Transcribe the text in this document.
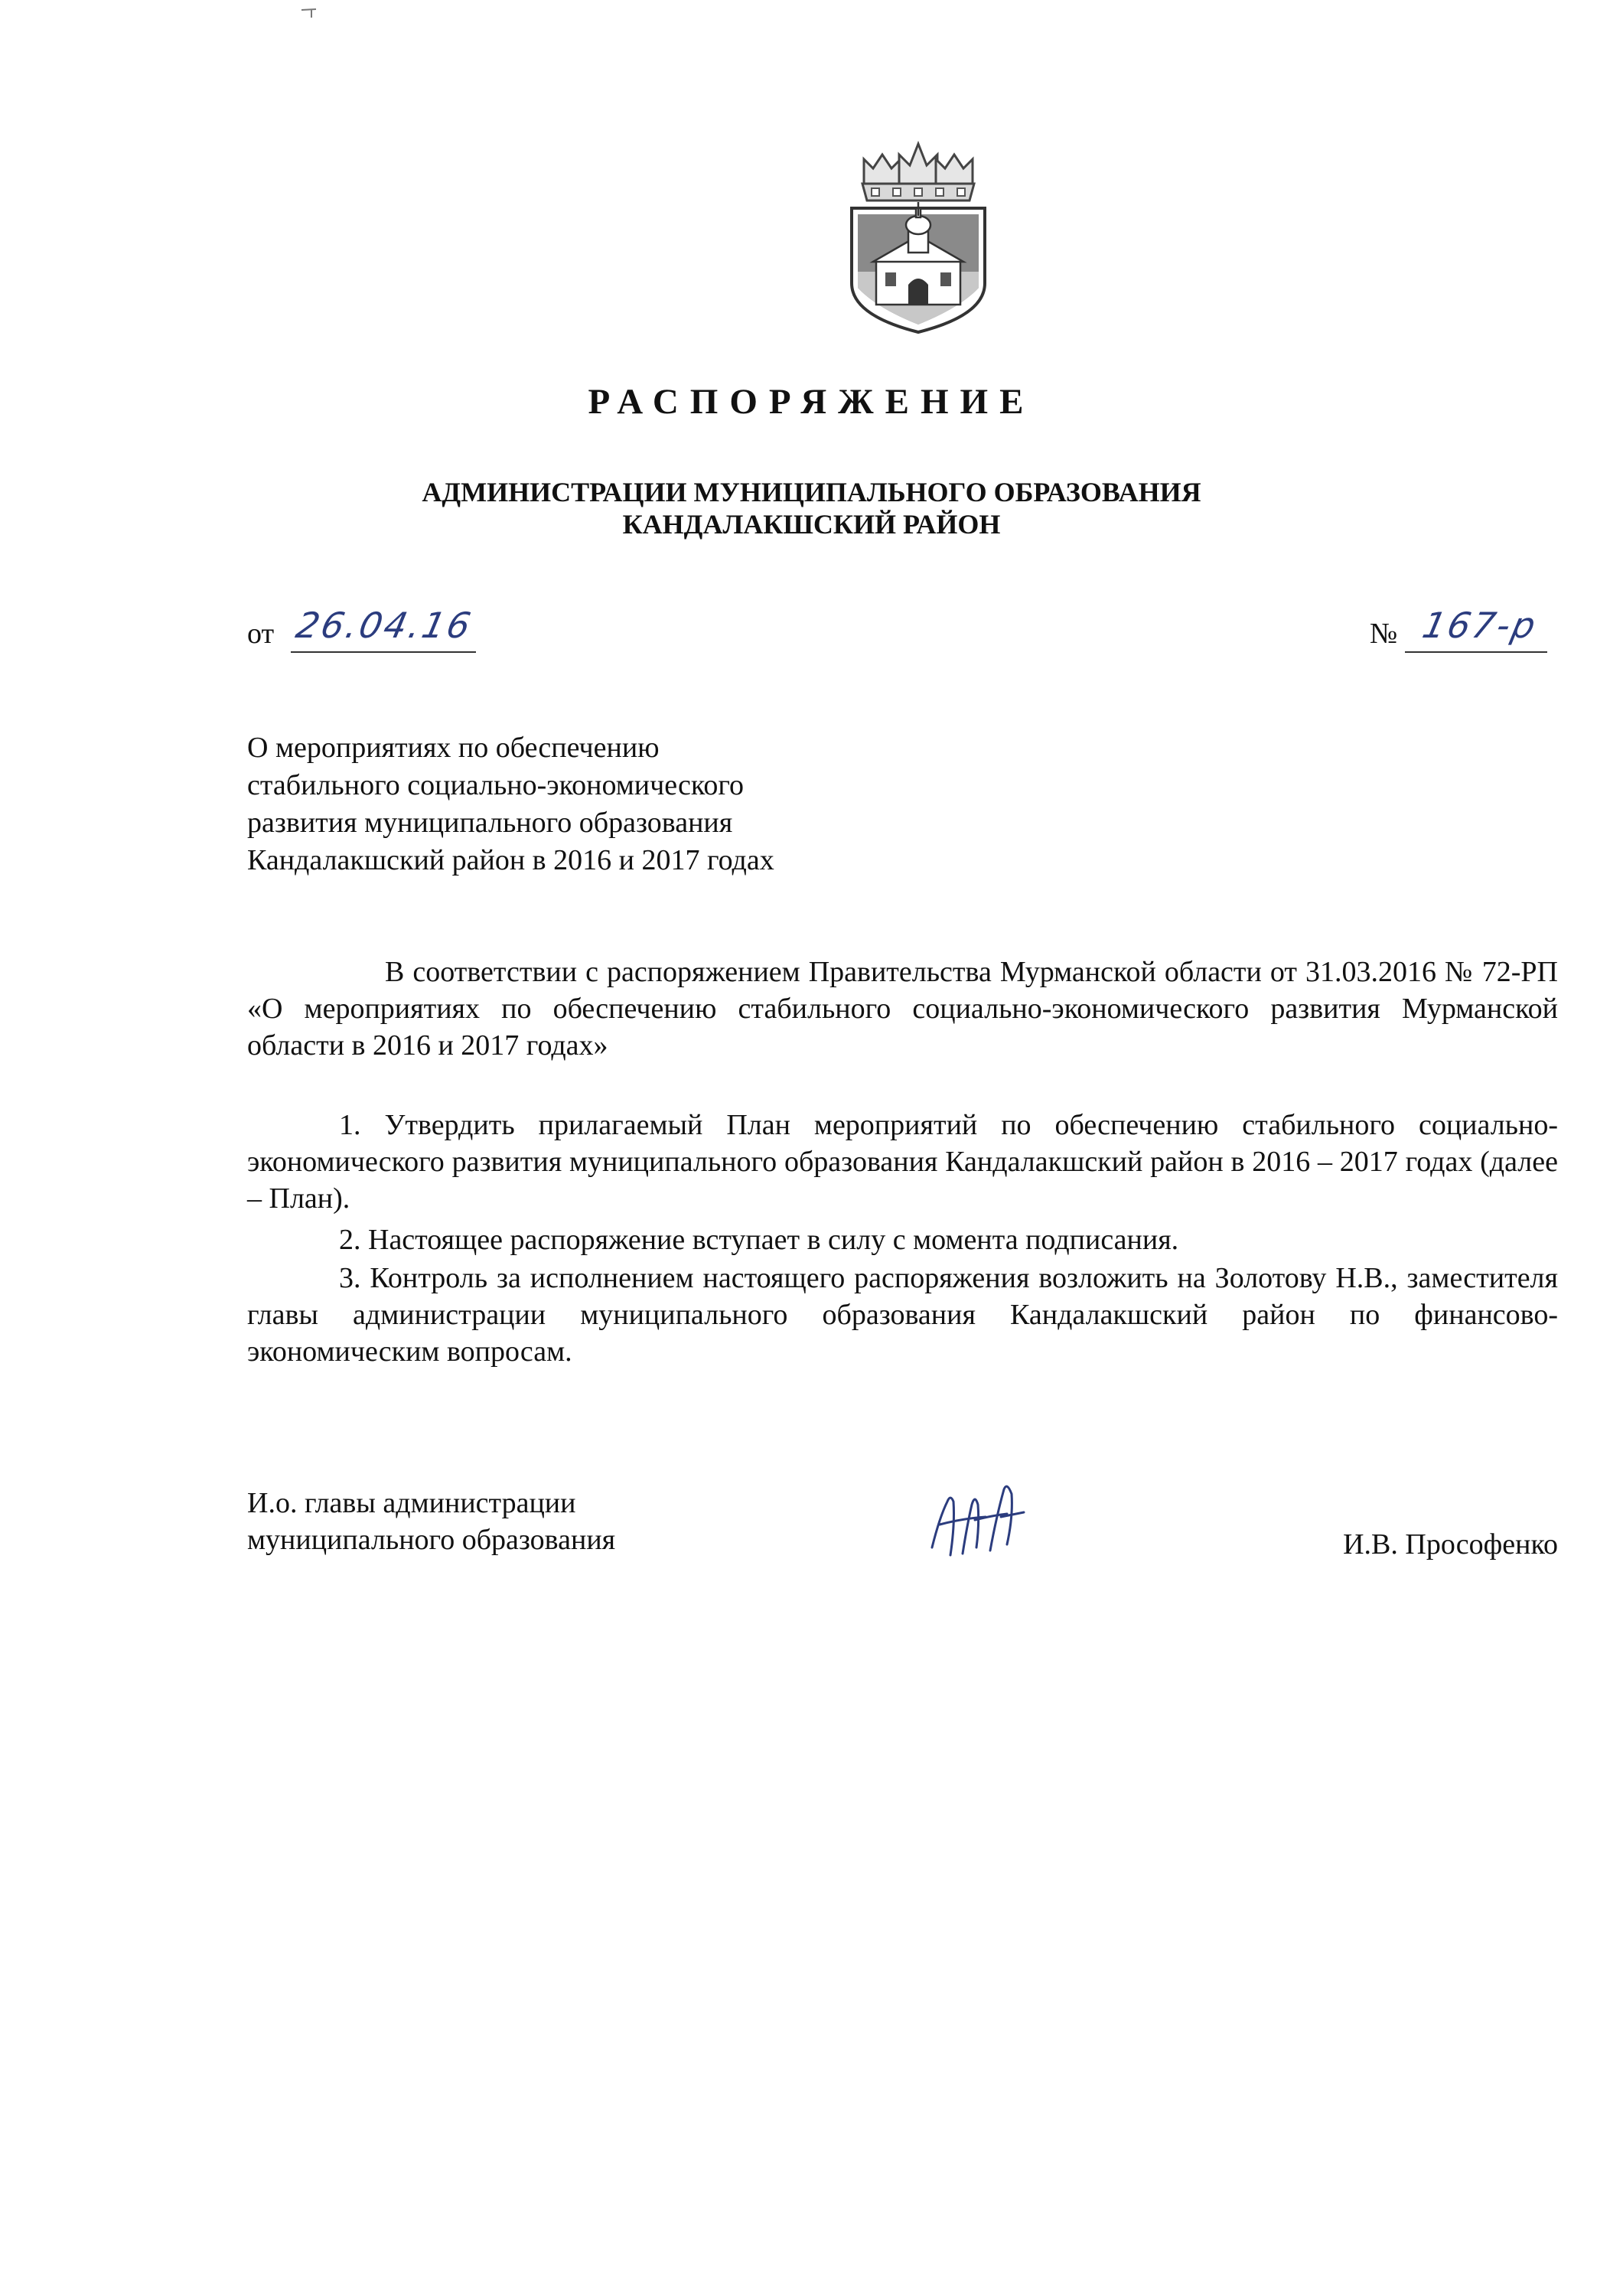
РАСПОРЯЖЕНИЕ
АДМИНИСТРАЦИИ МУНИЦИПАЛЬНОГО ОБРАЗОВАНИЯ
КАНДАЛАКШСКИЙ РАЙОН
от 26.04.16	№ 167-р
О мероприятиях по обеспечению
стабильного социально-экономического
развития муниципального образования
Кандалакшский район в 2016 и 2017 годах
В соответствии с распоряжением Правительства Мурманской области от 31.03.2016 № 72-РП «О мероприятиях по обеспечению стабильного социально-экономического развития Мурманской области в 2016 и 2017 годах»
1. Утвердить прилагаемый План мероприятий по обеспечению стабильного социально-экономического развития муниципального образования Кандалакшский район в 2016 – 2017 годах (далее – План).
2. Настоящее распоряжение вступает в силу с момента подписания.
3. Контроль за исполнением настоящего распоряжения возложить на Золотову Н.В., заместителя главы администрации муниципального образования Кандалакшский район по финансово-экономическим вопросам.
И.о. главы администрации
муниципального образования	И.В. Прософенко
